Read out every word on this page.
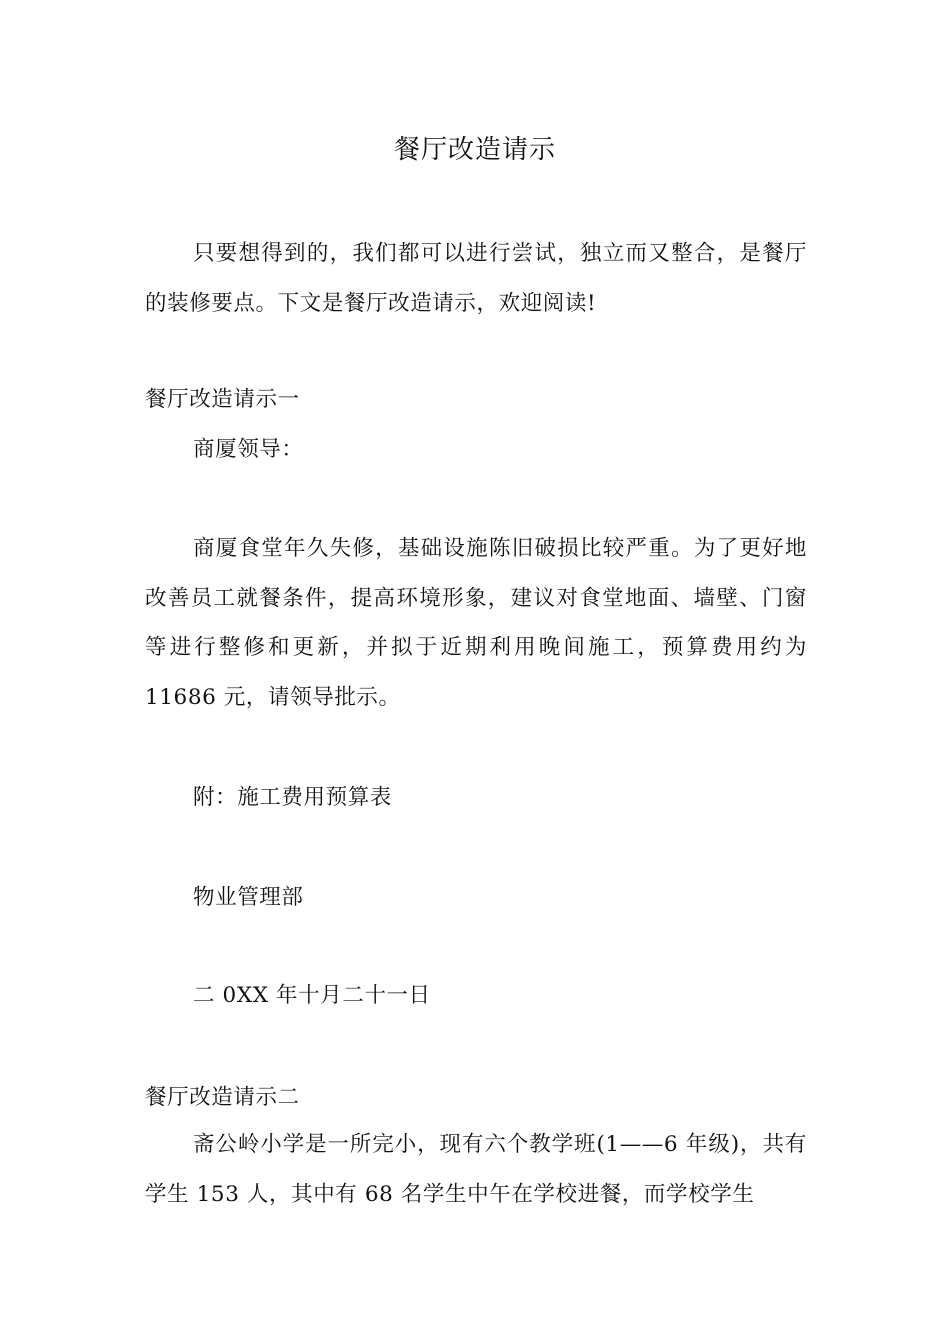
餐厅改造请示

只要想得到的，我们都可以进行尝试，独立而又整合，是餐厅的装修要点。下文是餐厅改造请示，欢迎阅读!

餐厅改造请示一
商厦领导：

商厦食堂年久失修，基础设施陈旧破损比较严重。为了更好地改善员工就餐条件，提高环境形象，建议对食堂地面、墙壁、门窗等进行整修和更新，并拟于近期利用晚间施工，预算费用约为 11686 元，请领导批示。

附：施工费用预算表
物业管理部
二 0XX 年十月二十一日
餐厅改造请示二

斋公岭小学是一所完小，现有六个教学班(1——6 年级)，共有学生 153 人，其中有 68 名学生中午在学校进餐，而学校学生
